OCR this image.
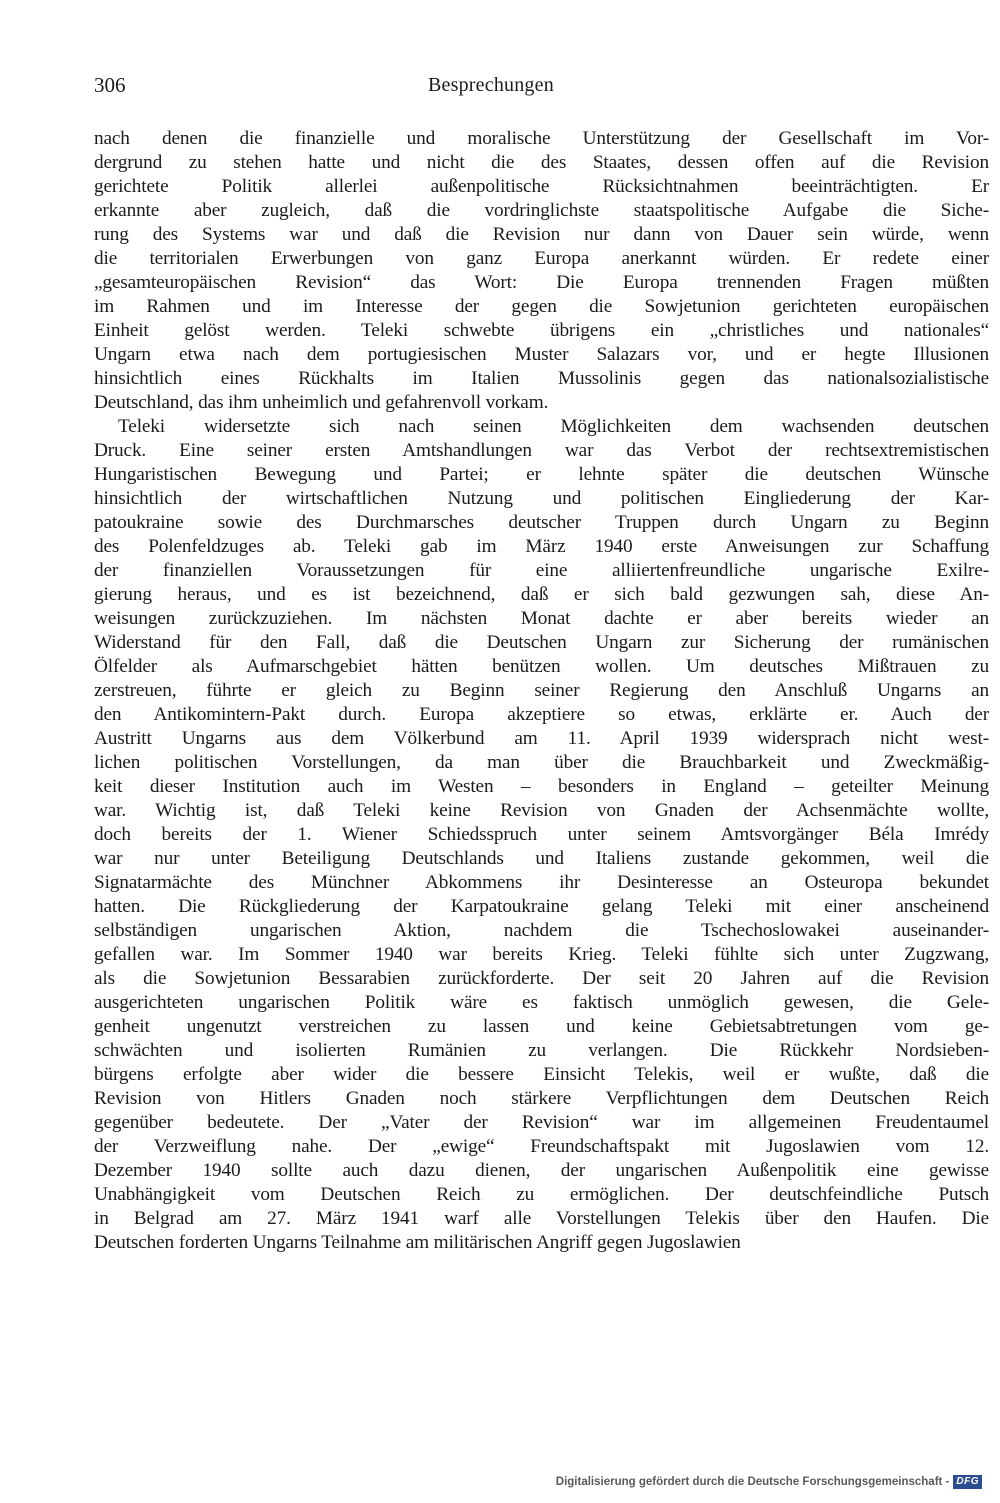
306	Besprechungen
nach denen die finanzielle und moralische Unterstützung der Gesellschaft im Vor-
dergrund zu stehen hatte und nicht die des Staates, dessen offen auf die Revision
gerichtete Politik allerlei außenpolitische Rücksichtnahmen beeinträchtigten. Er
erkannte aber zugleich, daß die vordringlichste staatspolitische Aufgabe die Siche-
rung des Systems war und daß die Revision nur dann von Dauer sein würde, wenn
die territorialen Erwerbungen von ganz Europa anerkannt würden. Er redete einer
„gesamteuropäischen Revision“ das Wort: Die Europa trennenden Fragen müßten
im Rahmen und im Interesse der gegen die Sowjetunion gerichteten europäischen
Einheit gelöst werden. Teleki schwebte übrigens ein „christliches und nationales“
Ungarn etwa nach dem portugiesischen Muster Salazars vor, und er hegte Illusionen
hinsichtlich eines Rückhalts im Italien Mussolinis gegen das nationalsozialistische
Deutschland, das ihm unheimlich und gefahrenvoll vorkam.
Teleki widersetzte sich nach seinen Möglichkeiten dem wachsenden deutschen
Druck. Eine seiner ersten Amtshandlungen war das Verbot der rechtsextremistischen
Hungaristischen Bewegung und Partei; er lehnte später die deutschen Wünsche
hinsichtlich der wirtschaftlichen Nutzung und politischen Eingliederung der Kar-
patoukraine sowie des Durchmarsches deutscher Truppen durch Ungarn zu Beginn
des Polenfeldzuges ab. Teleki gab im März 1940 erste Anweisungen zur Schaffung
der finanziellen Voraussetzungen für eine alliiertenfreundliche ungarische Exilre-
gierung heraus, und es ist bezeichnend, daß er sich bald gezwungen sah, diese An-
weisungen zurückzuziehen. Im nächsten Monat dachte er aber bereits wieder an
Widerstand für den Fall, daß die Deutschen Ungarn zur Sicherung der rumänischen
Ölfelder als Aufmarschgebiet hätten benützen wollen. Um deutsches Mißtrauen zu
zerstreuen, führte er gleich zu Beginn seiner Regierung den Anschluß Ungarns an
den Antikomintern-Pakt durch. Europa akzeptiere so etwas, erklärte er. Auch der
Austritt Ungarns aus dem Völkerbund am 11. April 1939 widersprach nicht west-
lichen politischen Vorstellungen, da man über die Brauchbarkeit und Zweckmäßig-
keit dieser Institution auch im Westen – besonders in England – geteilter Meinung
war. Wichtig ist, daß Teleki keine Revision von Gnaden der Achsenmächte wollte,
doch bereits der 1. Wiener Schiedsspruch unter seinem Amtsvorgänger Béla Imrédy
war nur unter Beteiligung Deutschlands und Italiens zustande gekommen, weil die
Signatarmächte des Münchner Abkommens ihr Desinteresse an Osteuropa bekundet
hatten. Die Rückgliederung der Karpatoukraine gelang Teleki mit einer anscheinend
selbständigen ungarischen Aktion, nachdem die Tschechoslowakei auseinander-
gefallen war. Im Sommer 1940 war bereits Krieg. Teleki fühlte sich unter Zugzwang,
als die Sowjetunion Bessarabien zurückforderte. Der seit 20 Jahren auf die Revision
ausgerichteten ungarischen Politik wäre es faktisch unmöglich gewesen, die Gele-
genheit ungenutzt verstreichen zu lassen und keine Gebietsabtretungen vom ge-
schwächten und isolierten Rumänien zu verlangen. Die Rückkehr Nordsieben-
bürgens erfolgte aber wider die bessere Einsicht Telekis, weil er wußte, daß die
Revision von Hitlers Gnaden noch stärkere Verpflichtungen dem Deutschen Reich
gegenüber bedeutete. Der „Vater der Revision“ war im allgemeinen Freudentaumel
der Verzweiflung nahe. Der „ewige“ Freundschaftspakt mit Jugoslawien vom 12.
Dezember 1940 sollte auch dazu dienen, der ungarischen Außenpolitik eine gewisse
Unabhängigkeit vom Deutschen Reich zu ermöglichen. Der deutschfeindliche Putsch
in Belgrad am 27. März 1941 warf alle Vorstellungen Telekis über den Haufen. Die
Deutschen forderten Ungarns Teilnahme am militärischen Angriff gegen Jugoslawien
Digitalisierung gefördert durch die Deutsche Forschungsgemeinschaft - DFG
